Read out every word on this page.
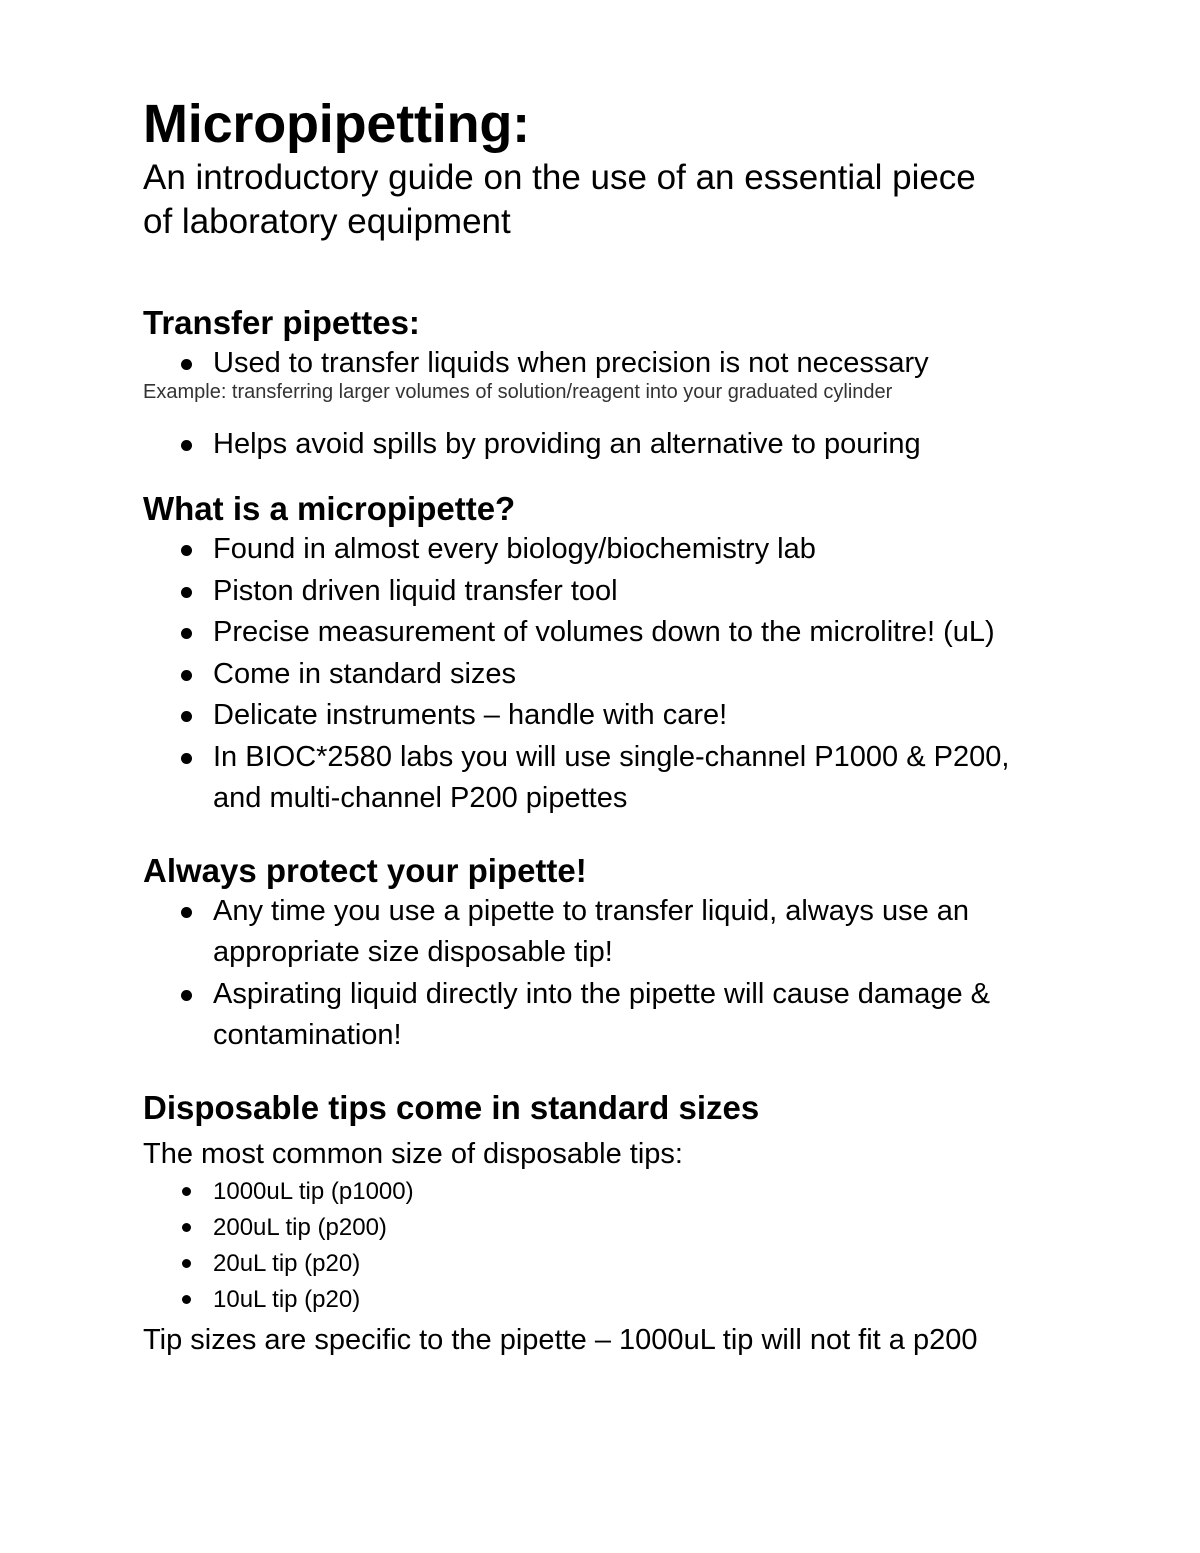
Micropipetting:

An introductory guide on the use of an essential piece of laboratory equipment

Transfer pipettes:
Used to transfer liquids when precision is not necessary

Example: transferring larger volumes of solution/reagent into your graduated cylinder

Helps avoid spills by providing an alternative to pouring
What is a micropipette?
Found in almost every biology/biochemistry lab
Piston driven liquid transfer tool
Precise measurement of volumes down to the microlitre! (uL)
Come in standard sizes
Delicate instruments – handle with care!
In BIOC*2580 labs you will use single-channel P1000 & P200, and multi-channel P200 pipettes
Always protect your pipette!
Any time you use a pipette to transfer liquid, always use an appropriate size disposable tip!
Aspirating liquid directly into the pipette will cause damage & contamination!
Disposable tips come in standard sizes

The most common size of disposable tips:

1000uL tip (p1000)
200uL tip (p200)
20uL tip (p20)
10uL tip (p20)

Tip sizes are specific to the pipette – 1000uL tip will not fit a p200
